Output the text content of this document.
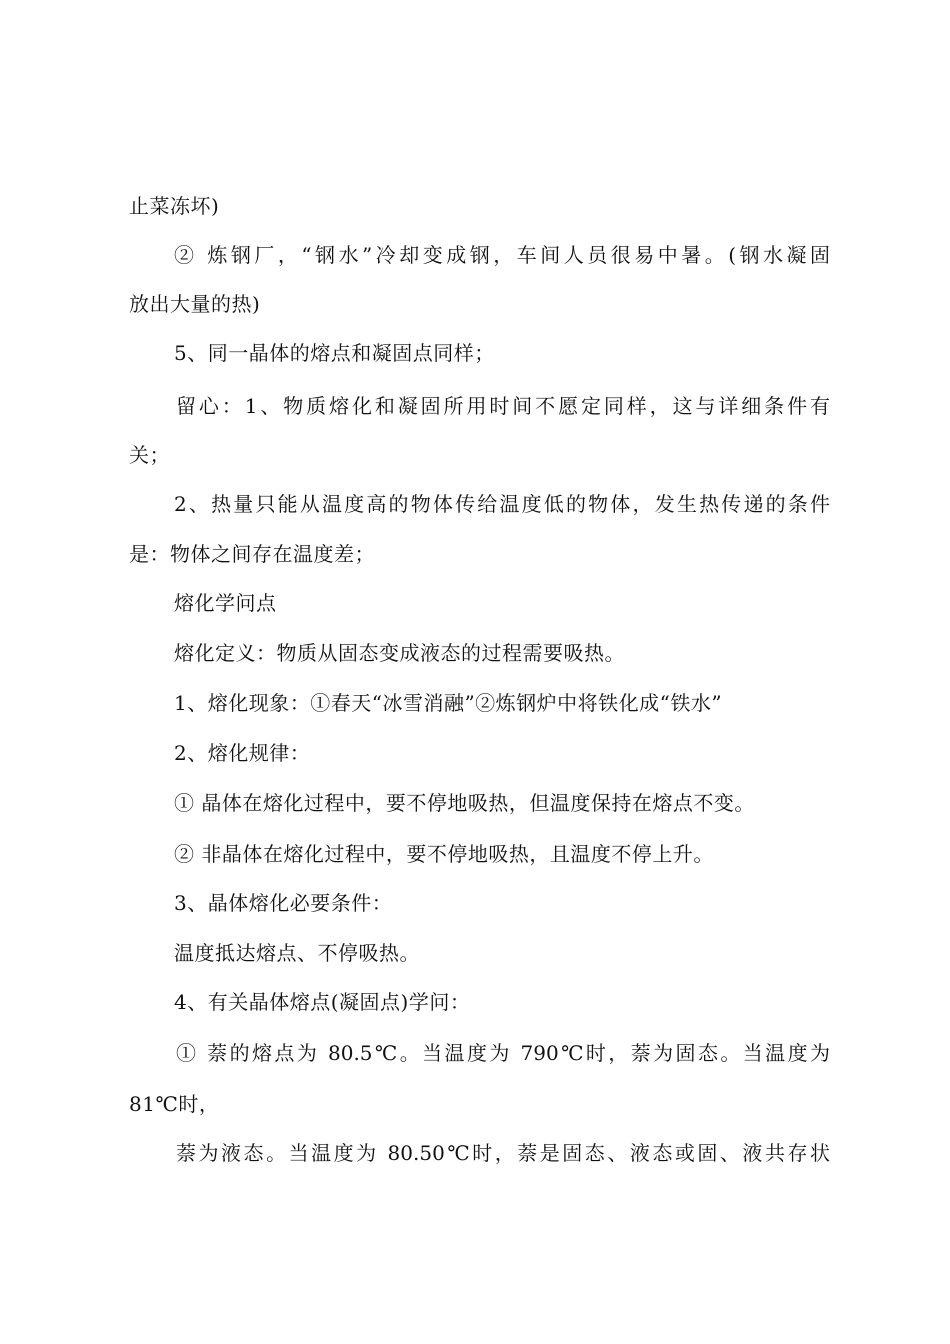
止菜冻坏)
② 炼钢厂，“钢水”冷却变成钢，车间人员很易中暑。(钢水凝固
放出大量的热)
5、同一晶体的熔点和凝固点同样；
留心：1、物质熔化和凝固所用时间不愿定同样，这与详细条件有
关；
2、热量只能从温度高的物体传给温度低的物体，发生热传递的条件
是：物体之间存在温度差；
熔化学问点
熔化定义：物质从固态变成液态的过程需要吸热。
1、熔化现象：①春天“冰雪消融”②炼钢炉中将铁化成“铁水”
2、熔化规律：
① 晶体在熔化过程中，要不停地吸热，但温度保持在熔点不变。
② 非晶体在熔化过程中，要不停地吸热，且温度不停上升。
3、晶体熔化必要条件：
温度抵达熔点、不停吸热。
4、有关晶体熔点(凝固点)学问：
① 萘的熔点为 80.5℃。当温度为 790℃时，萘为固态。当温度为
81℃时，
萘为液态。当温度为 80.50℃时，萘是固态、液态或固、液共存状
